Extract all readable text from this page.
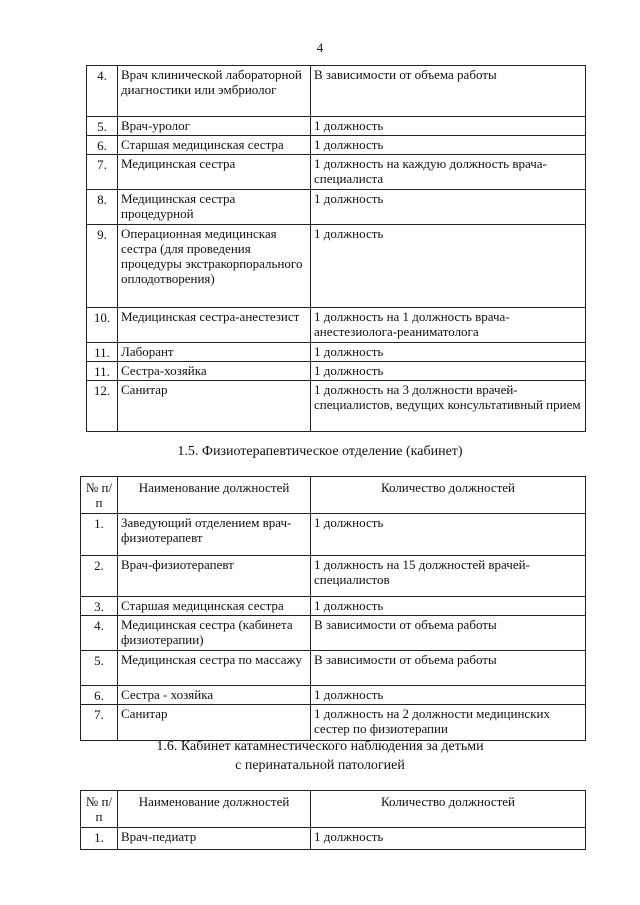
4
4.	Врач клинической лабораторной диагностики или эмбриолог	В зависимости от объема работы
5.	Врач-уролог	1 должность
6.	Старшая медицинская сестра	1 должность
7.	Медицинская сестра	1 должность на каждую должность врача-специалиста
8.	Медицинская сестра процедурной	1 должность
9.	Операционная медицинская сестра (для проведения процедуры экстракорпорального оплодотворения)	1 должность
10.	Медицинская сестра-анестезист	1 должность на 1 должность врача-анестезиолога-реаниматолога
11.	Лаборант	1 должность
11.	Сестра-хозяйка	1 должность
12.	Санитар	1 должность на 3 должности врачей-специалистов, ведущих консультативный прием
1.5. Физиотерапевтическое отделение (кабинет)
№ п/п	Наименование должностей	Количество должностей
1.	Заведующий отделением врач-физиотерапевт	1 должность
2.	Врач-физиотерапевт	1 должность на 15 должностей врачей-специалистов
3.	Старшая медицинская сестра	1 должность
4.	Медицинская сестра (кабинета физиотерапии)	В зависимости от объема работы
5.	Медицинская сестра по массажу	В зависимости от объема работы
6.	Сестра - хозяйка	1 должность
7.	Санитар	1 должность на 2 должности медицинских сестер по физиотерапии
1.6. Кабинет катамнестического наблюдения за детьми
с перинатальной патологией
№ п/п	Наименование должностей	Количество должностей
1.	Врач-педиатр	1 должность
